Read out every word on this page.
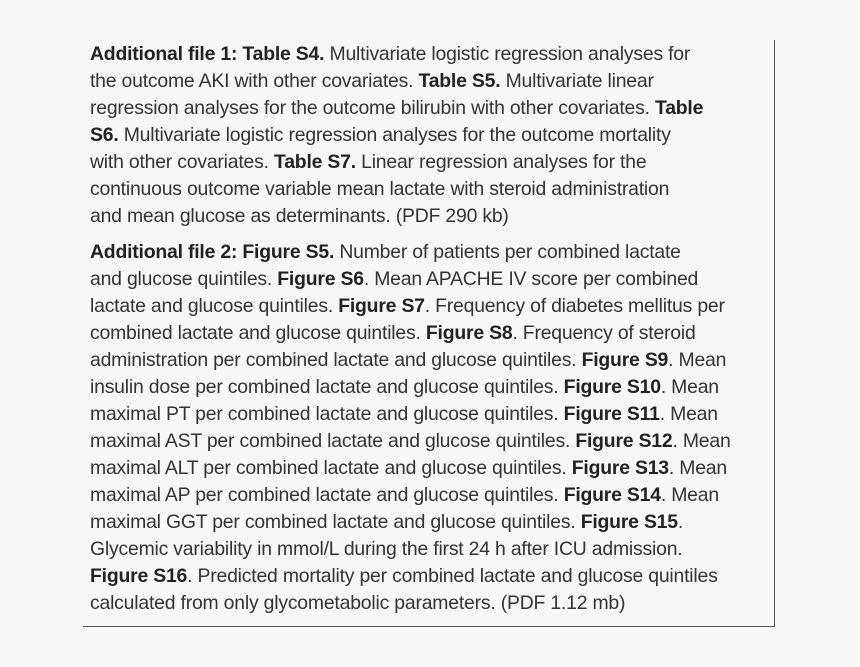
Additional file 1: Table S4. Multivariate logistic regression analyses for
the outcome AKI with other covariates. Table S5. Multivariate linear
regression analyses for the outcome bilirubin with other covariates. Table
S6. Multivariate logistic regression analyses for the outcome mortality
with other covariates. Table S7. Linear regression analyses for the
continuous outcome variable mean lactate with steroid administration
and mean glucose as determinants. (PDF 290 kb)
Additional file 2: Figure S5. Number of patients per combined lactate
and glucose quintiles. Figure S6. Mean APACHE IV score per combined
lactate and glucose quintiles. Figure S7. Frequency of diabetes mellitus per
combined lactate and glucose quintiles. Figure S8. Frequency of steroid
administration per combined lactate and glucose quintiles. Figure S9. Mean
insulin dose per combined lactate and glucose quintiles. Figure S10. Mean
maximal PT per combined lactate and glucose quintiles. Figure S11. Mean
maximal AST per combined lactate and glucose quintiles. Figure S12. Mean
maximal ALT per combined lactate and glucose quintiles. Figure S13. Mean
maximal AP per combined lactate and glucose quintiles. Figure S14. Mean
maximal GGT per combined lactate and glucose quintiles. Figure S15.
Glycemic variability in mmol/L during the first 24 h after ICU admission.
Figure S16. Predicted mortality per combined lactate and glucose quintiles
calculated from only glycometabolic parameters. (PDF 1.12 mb)
